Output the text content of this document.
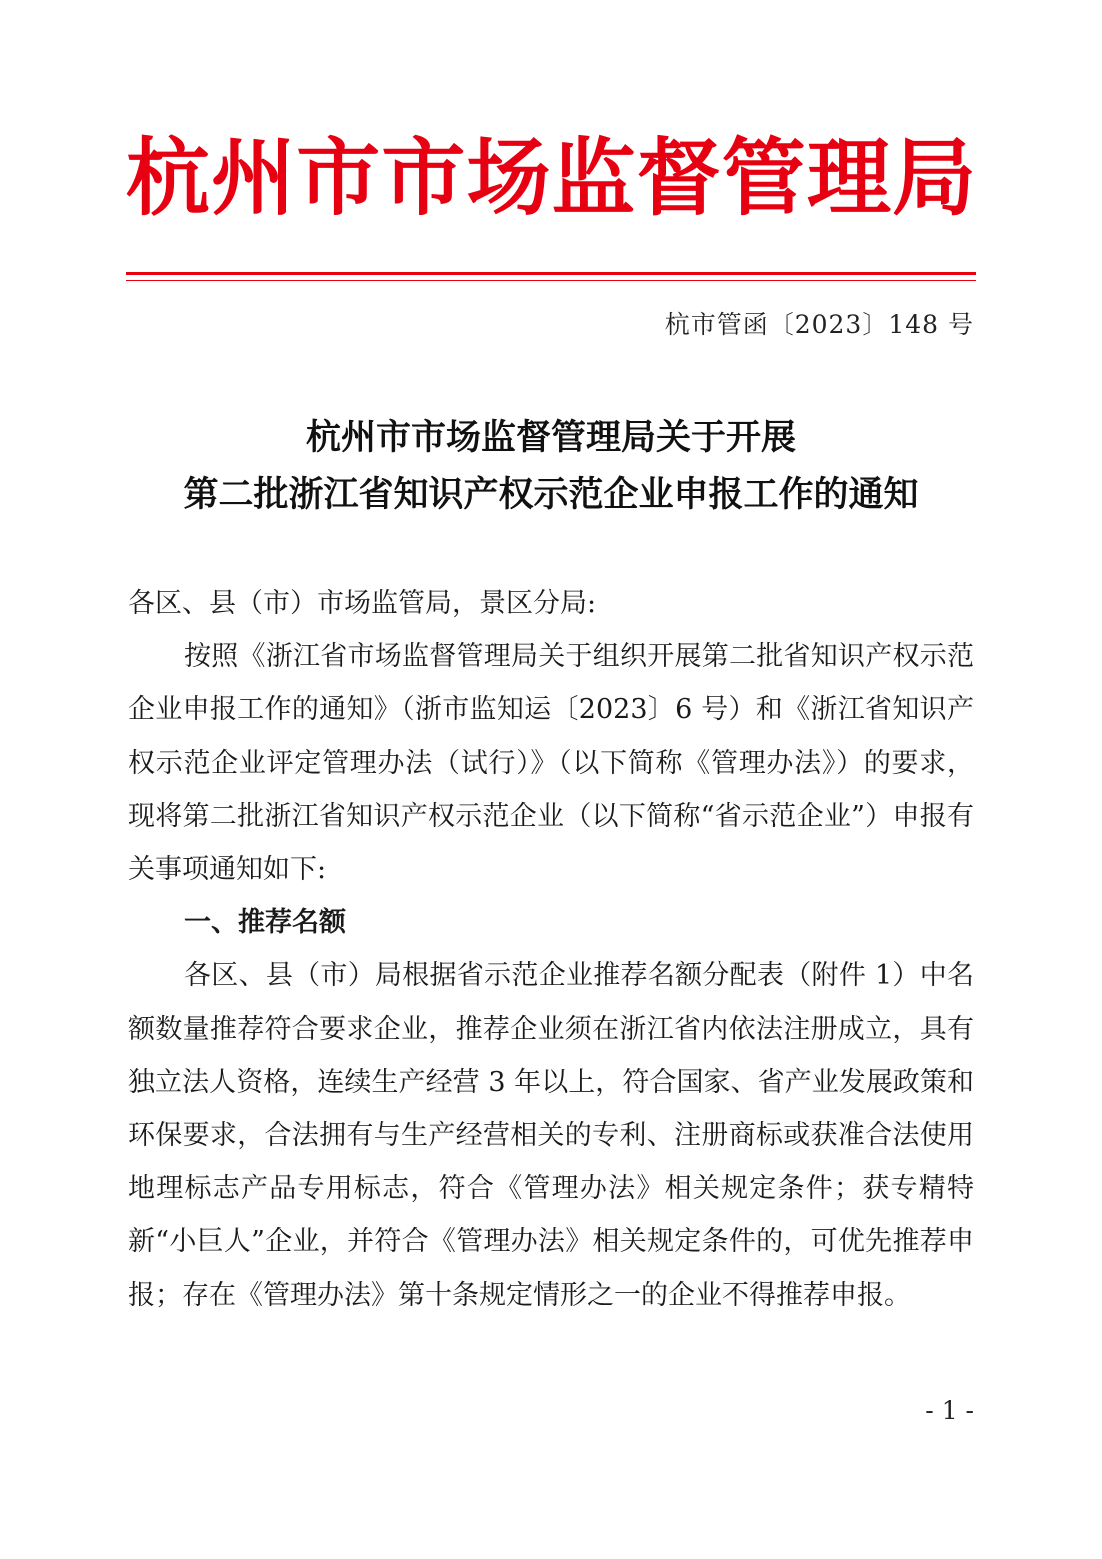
杭州市市场监督管理局
杭市管函〔2023〕148 号
杭州市市场监督管理局关于开展
第二批浙江省知识产权示范企业申报工作的通知

各区、县（市）市场监管局，景区分局:

按照《浙江省市场监督管理局关于组织开展第二批省知识产权示范企业申报工作的通知》（浙市监知运〔2023〕6 号）和《浙江省知识产权示范企业评定管理办法（试行）》（以下简称《管理办法》）的要求，现将第二批浙江省知识产权示范企业（以下简称“省示范企业”）申报有关事项通知如下:

一、推荐名额

各区、县（市）局根据省示范企业推荐名额分配表（附件 1）中名额数量推荐符合要求企业，推荐企业须在浙江省内依法注册成立，具有独立法人资格，连续生产经营 3 年以上，符合国家、省产业发展政策和环保要求，合法拥有与生产经营相关的专利、注册商标或获准合法使用地理标志产品专用标志，符合《管理办法》相关规定条件；获专精特新“小巨人”企业，并符合《管理办法》相关规定条件的，可优先推荐申报；存在《管理办法》第十条规定情形之一的企业不得推荐申报。

- 1 -
